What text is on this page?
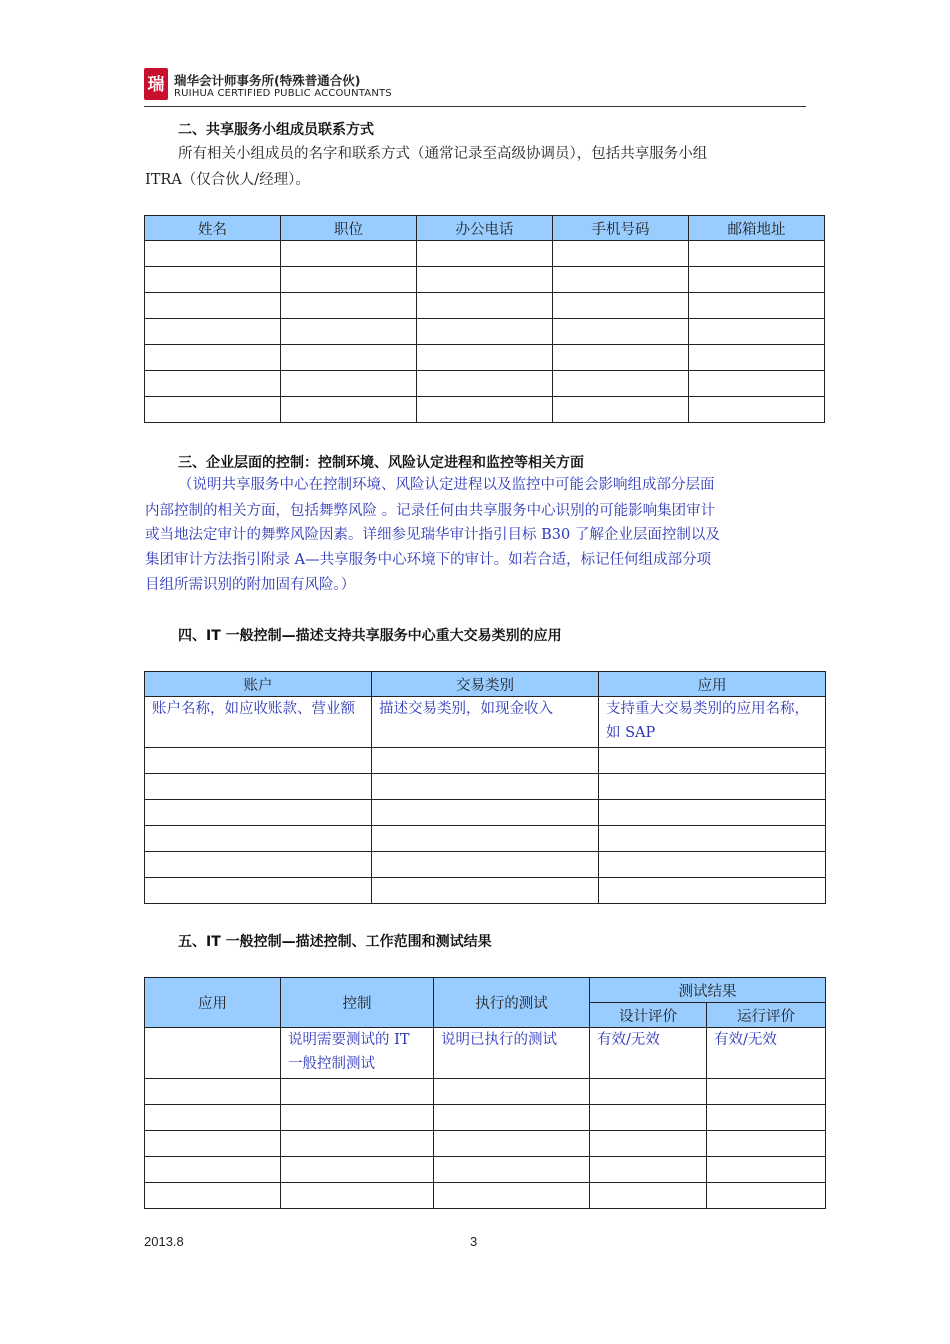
瑞 瑞华会计师事务所(特殊普通合伙)
RUIHUA CERTIFIED PUBLIC ACCOUNTANTS
二、共享服务小组成员联系方式

所有相关小组成员的名字和联系方式（通常记录至高级协调员），包括共享服务小组

ITRA（仅合伙人/经理）。

姓名	职位	办公电话	手机号码	邮箱地址

三、企业层面的控制：控制环境、风险认定进程和监控等相关方面

（说明共享服务中心在控制环境、风险认定进程以及监控中可能会影响组成部分层面

内部控制的相关方面，包括舞弊风险 。记录任何由共享服务中心识别的可能影响集团审计

或当地法定审计的舞弊风险因素。详细参见瑞华审计指引目标 B30 了解企业层面控制以及

集团审计方法指引附录 A—共享服务中心环境下的审计。如若合适，标记任何组成部分项

目组所需识别的附加固有风险。）

四、IT 一般控制—描述支持共享服务中心重大交易类别的应用
账户	交易类别	应用
账户名称，如应收账款、营业额	描述交易类别，如现金收入	支持重大交易类别的应用名称，如 SAP

五、IT 一般控制—描述控制、工作范围和测试结果
应用	控制	执行的测试	测试结果	
			设计评价	运行评价
	说明需要测试的 IT 一般控制测试	说明已执行的测试	有效/无效	有效/无效

2013.8	3
